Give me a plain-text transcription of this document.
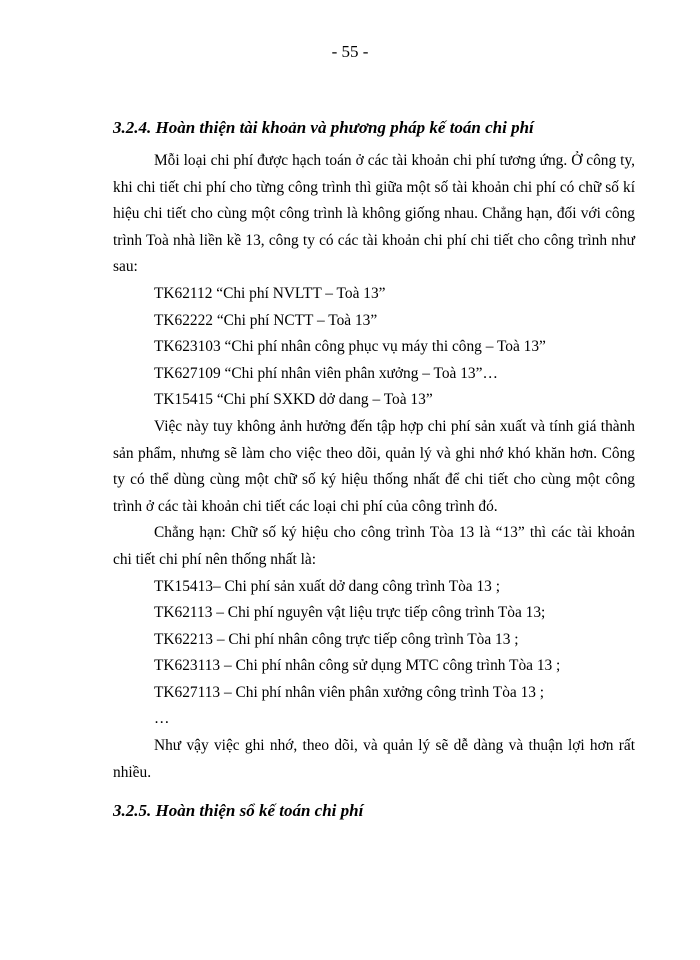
- 55 -
3.2.4. Hoàn thiện tài khoản và phương pháp kế toán chi phí

Mỗi loại chi phí được hạch toán ở các tài khoản chi phí tương ứng. Ở công ty, khi chi tiết chi phí cho từng công trình thì giữa một số tài khoản chi phí có chữ số kí hiệu chi tiết cho cùng một công trình là không giống nhau. Chẳng hạn, đối với công trình Toà nhà liền kề 13, công ty có các tài khoản chi phí chi tiết cho công trình như sau:

TK62112 “Chi phí NVLTT – Toà 13”

TK62222 “Chi phí NCTT – Toà 13”

TK623103 “Chi phí nhân công phục vụ máy thi công – Toà 13”

TK627109 “Chi phí nhân viên phân xưởng – Toà 13”…

TK15415 “Chi phí SXKD dở dang – Toà 13”

Việc này tuy không ảnh hưởng đến tập hợp chi phí sản xuất và tính giá thành sản phẩm, nhưng sẽ làm cho việc theo dõi, quản lý và ghi nhớ khó khăn hơn. Công ty có thể dùng cùng một chữ số ký hiệu thống nhất để chi tiết cho cùng một công trình ở các tài khoản chi tiết các loại chi phí của công trình đó.

Chẳng hạn: Chữ số ký hiệu cho công trình Tòa 13 là “13” thì các tài khoản chi tiết chi phí nên thống nhất là:

TK15413– Chi phí sản xuất dở dang công trình Tòa 13 ;

TK62113 – Chi phí nguyên vật liệu trực tiếp công trình Tòa 13;

TK62213 – Chi phí nhân công trực tiếp công trình Tòa 13 ;

TK623113 – Chi phí nhân công sử dụng MTC công trình Tòa 13 ;

TK627113 – Chi phí nhân viên phân xưởng công trình Tòa 13 ;

…

Như vậy việc ghi nhớ, theo dõi, và quản lý sẽ dễ dàng và thuận lợi hơn rất nhiều.

3.2.5. Hoàn thiện sổ kế toán chi phí
